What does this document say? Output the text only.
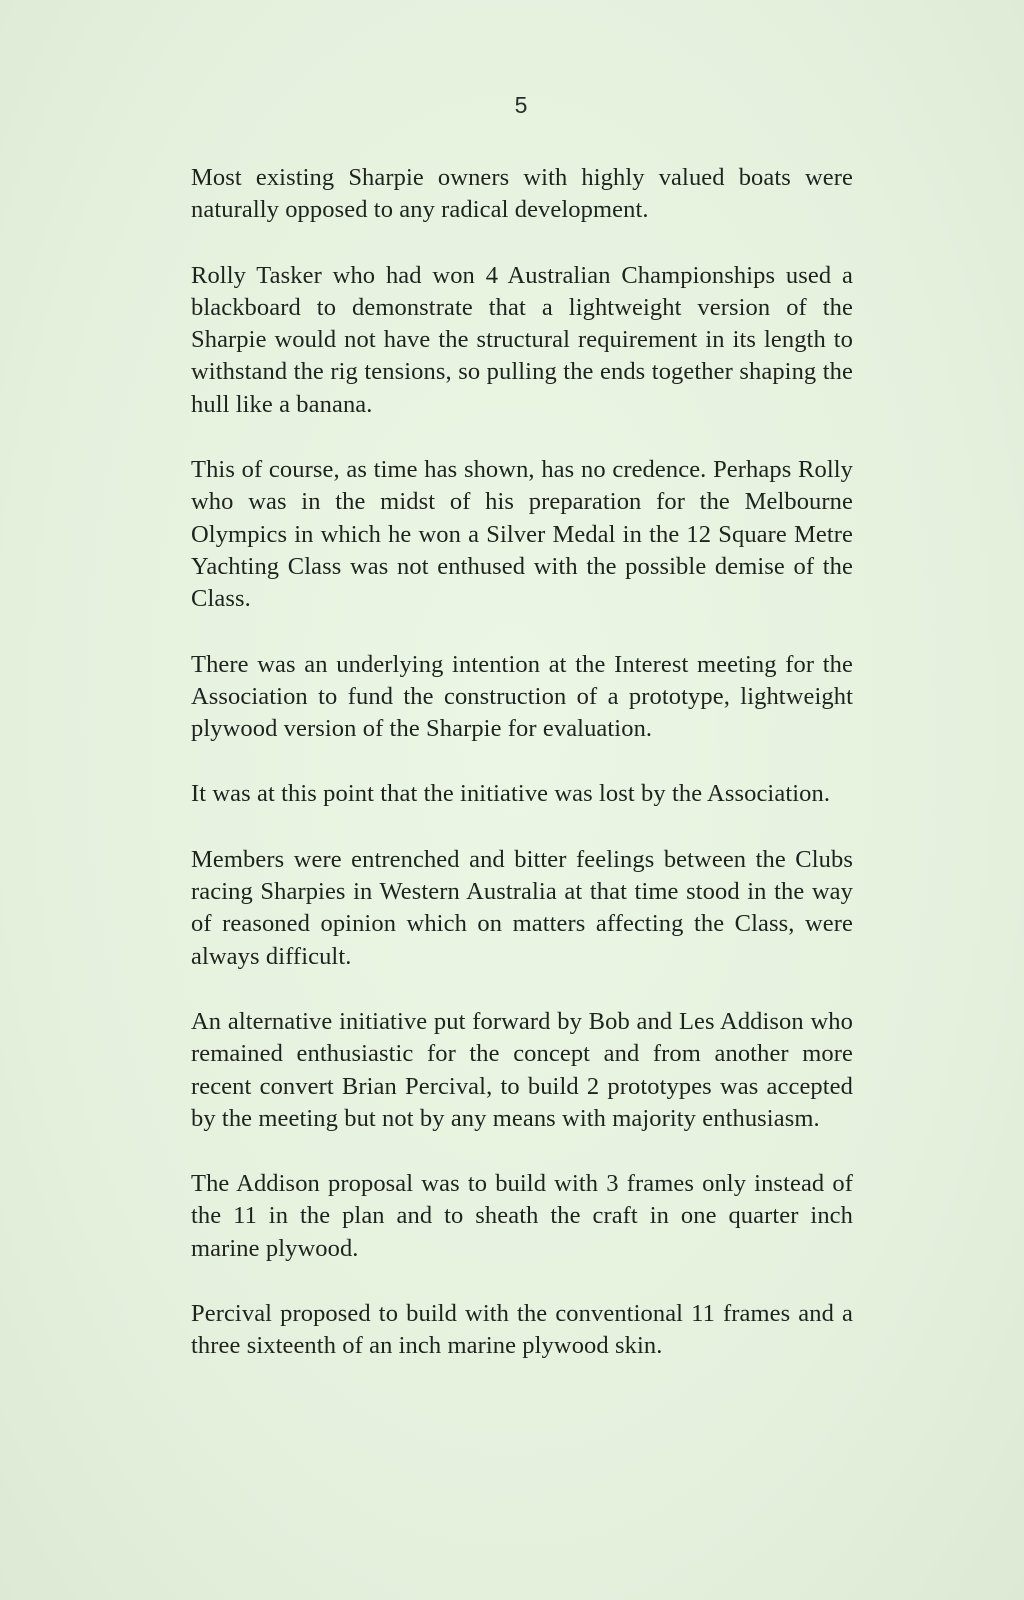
5

Most existing Sharpie owners with highly valued boats were naturally opposed to any radical development.

Rolly Tasker who had won 4 Australian Championships used a blackboard to demonstrate that a lightweight version of the Sharpie would not have the structural requirement in its length to withstand the rig tensions, so pulling the ends together shaping the hull like a banana.

This of course, as time has shown, has no credence. Perhaps Rolly who was in the midst of his preparation for the Melbourne Olympics in which he won a Silver Medal in the 12 Square Metre Yachting Class was not enthused with the possible demise of the Class.

There was an underlying intention at the Interest meeting for the Association to fund the construction of a prototype, lightweight plywood version of the Sharpie for evaluation.

It was at this point that the initiative was lost by the Association.

Members were entrenched and bitter feelings between the Clubs racing Sharpies in Western Australia at that time stood in the way of reasoned opinion which on matters affecting the Class, were always difficult.

An alternative initiative put forward by Bob and Les Addison who remained enthusiastic for the concept and from another more recent convert Brian Percival, to build 2 prototypes was accepted by the meeting but not by any means with majority enthusiasm.

The Addison proposal was to build with 3 frames only instead of the 11 in the plan and to sheath the craft in one quarter inch marine plywood.

Percival proposed to build with the conventional 11 frames and a three sixteenth of an inch marine plywood skin.
